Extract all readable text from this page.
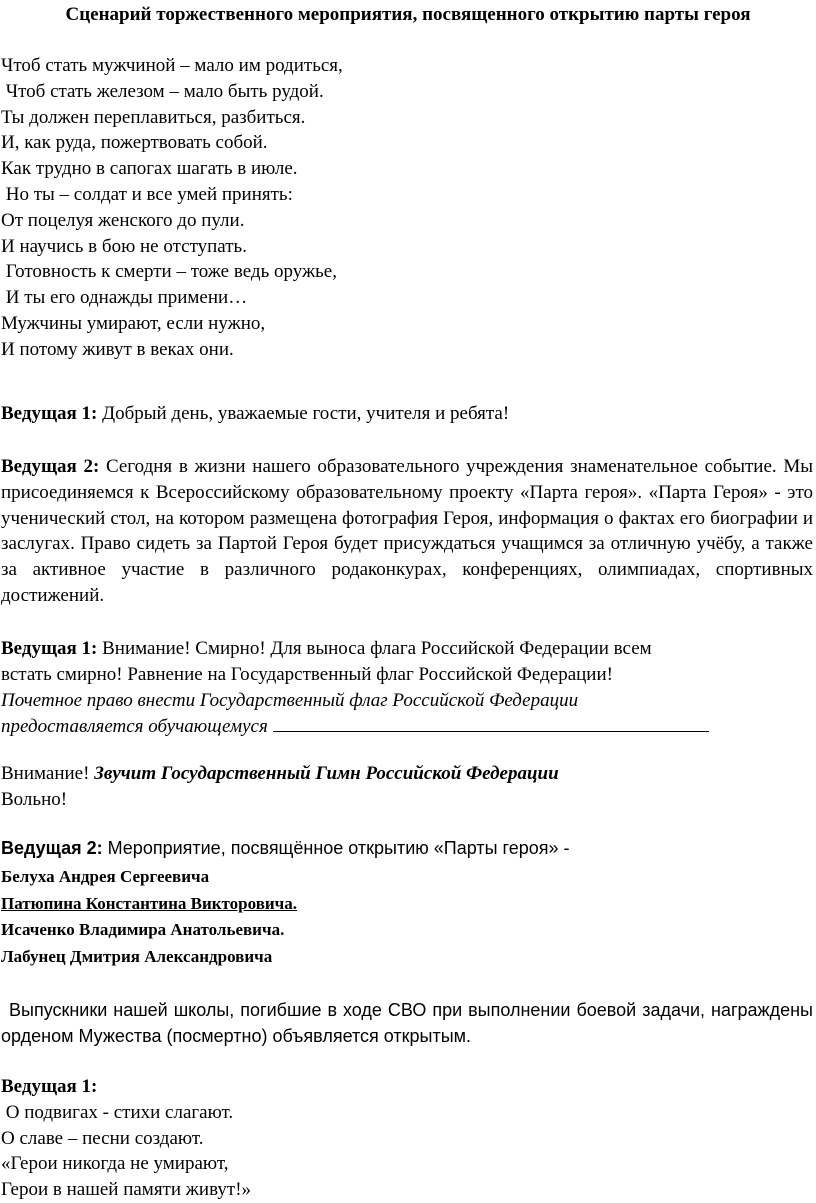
Сценарий торжественного мероприятия, посвященного открытию парты героя
Чтоб стать мужчиной – мало им родиться,
Чтоб стать железом – мало быть рудой.
Ты должен переплавиться, разбиться.
И, как руда, пожертвовать собой.
Как трудно в сапогах шагать в июле.
Но ты – солдат и все умей принять:
От поцелуя женского до пули.
И научись в бою не отступать.
Готовность к смерти – тоже ведь оружье,
И ты его однажды примени…
Мужчины умирают, если нужно,
И потому живут в веках они.
Ведущая 1: Добрый день, уважаемые гости, учителя и ребята!
Ведущая 2: Сегодня в жизни нашего образовательного учреждения знаменательное событие. Мы присоединяемся к Всероссийскому образовательному проекту «Парта героя». «Парта Героя» - это ученический стол, на котором размещена фотография Героя, информация о фактах его биографии и заслугах. Право сидеть за Партой Героя будет присуждаться учащимся за отличную учёбу, а также за активное участие в различного родаконкурах, конференциях, олимпиадах, спортивных достижений.
Ведущая 1: Внимание! Смирно! Для выноса флага Российской Федерации всем
встать смирно! Равнение на Государственный флаг Российской Федерации!
Почетное право внести Государственный флаг Российской Федерации
предоставляется обучающемуся
Внимание! Звучит Государственный Гимн Российской Федерации
Вольно!
Ведущая 2: Мероприятие, посвящённое открытию «Парты героя» -
Белуха Андрея Сергеевича
Патюпина Константина Викторовича.
Исаченко Владимира Анатольевича.
Лабунец Дмитрия Александровича
Выпускники нашей школы, погибшие в ходе СВО при выполнении боевой задачи, награждены орденом Мужества (посмертно) объявляется открытым.
Ведущая 1:
О подвигах - стихи слагают.
О славе – песни создают.
«Герои никогда не умирают,
Герои в нашей памяти живут!»
